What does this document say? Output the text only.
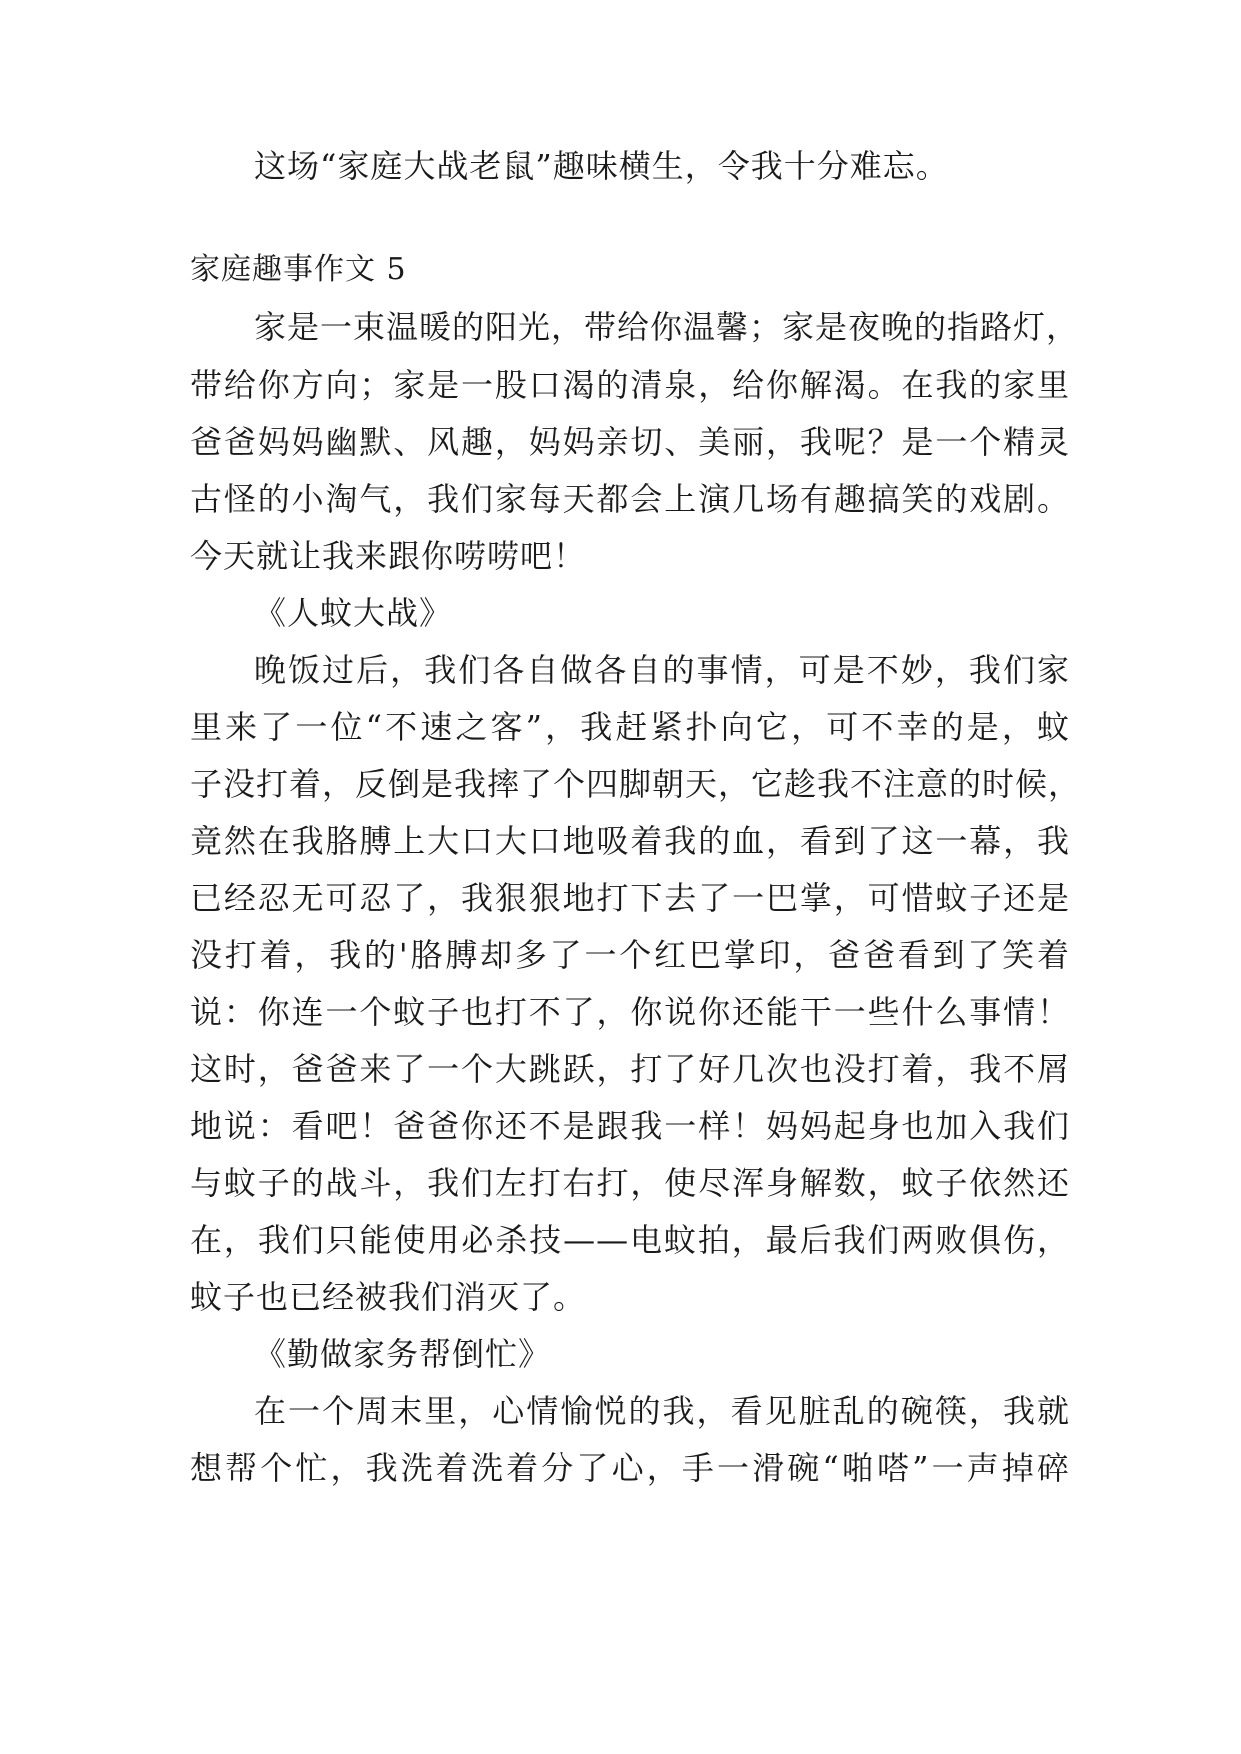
这场“家庭大战老鼠”趣味横生，令我十分难忘。
家庭趣事作文 5
家是一束温暖的阳光，带给你温馨；家是夜晚的指路灯，
带给你方向；家是一股口渴的清泉，给你解渴。在我的家里
爸爸妈妈幽默、风趣，妈妈亲切、美丽，我呢？是一个精灵
古怪的小淘气，我们家每天都会上演几场有趣搞笑的戏剧。
今天就让我来跟你唠唠吧！
《人蚊大战》
晚饭过后，我们各自做各自的事情，可是不妙，我们家
里来了一位“不速之客”，我赶紧扑向它，可不幸的是，蚊
子没打着，反倒是我摔了个四脚朝天，它趁我不注意的时候，
竟然在我胳膊上大口大口地吸着我的血，看到了这一幕，我
已经忍无可忍了，我狠狠地打下去了一巴掌，可惜蚊子还是
没打着，我的'胳膊却多了一个红巴掌印，爸爸看到了笑着
说：你连一个蚊子也打不了，你说你还能干一些什么事情！
这时，爸爸来了一个大跳跃，打了好几次也没打着，我不屑
地说：看吧！爸爸你还不是跟我一样！妈妈起身也加入我们
与蚊子的战斗，我们左打右打，使尽浑身解数，蚊子依然还
在，我们只能使用必杀技——电蚊拍，最后我们两败俱伤，
蚊子也已经被我们消灭了。
《勤做家务帮倒忙》
在一个周末里，心情愉悦的我，看见脏乱的碗筷，我就
想帮个忙，我洗着洗着分了心，手一滑碗“啪嗒”一声掉碎
